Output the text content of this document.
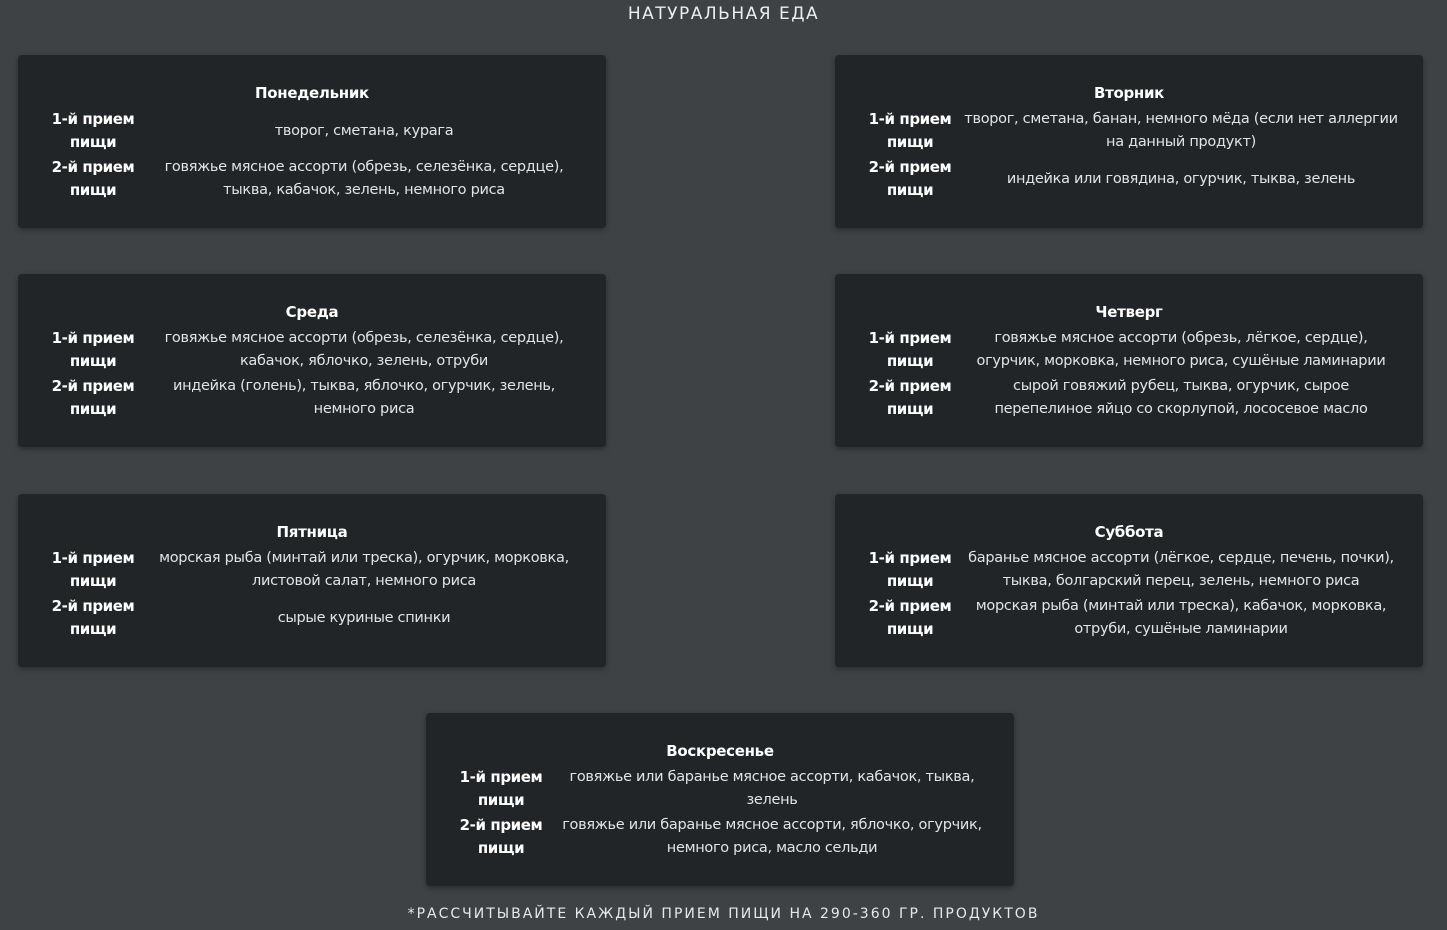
НАТУРАЛЬНАЯ ЕДА
Понедельник
1-й прием пищи
творог, сметана, курага
2-й прием пищи
говяжье мясное ассорти (обрезь, селезёнка, сердце), тыква, кабачок, зелень, немного риса
Вторник
1-й прием пищи
творог, сметана, банан, немного мёда (если нет аллергии на данный продукт)
2-й прием пищи
индейка или говядина, огурчик, тыква, зелень
Среда
1-й прием пищи
говяжье мясное ассорти (обрезь, селезёнка, сердце), кабачок, яблочко, зелень, отруби
2-й прием пищи
индейка (голень), тыква, яблочко, огурчик, зелень, немного риса
Четверг
1-й прием пищи
говяжье мясное ассорти (обрезь, лёгкое, сердце), огурчик, морковка, немного риса, сушёные ламинарии
2-й прием пищи
сырой говяжий рубец, тыква, огурчик, сырое перепелиное яйцо со скорлупой, лососевое масло
Пятница
1-й прием пищи
морская рыба (минтай или треска), огурчик, морковка, листовой салат, немного риса
2-й прием пищи
сырые куриные спинки
Суббота
1-й прием пищи
баранье мясное ассорти (лёгкое, сердце, печень, почки), тыква, болгарский перец, зелень, немного риса
2-й прием пищи
морская рыба (минтай или треска), кабачок, морковка, отруби, сушёные ламинарии
Воскресенье
1-й прием пищи
говяжье или баранье мясное ассорти, кабачок, тыква, зелень
2-й прием пищи
говяжье или баранье мясное ассорти, яблочко, огурчик, немного риса, масло сельди
*РАССЧИТЫВАЙТЕ КАЖДЫЙ ПРИЕМ ПИЩИ НА 290-360 ГР. ПРОДУКТОВ
